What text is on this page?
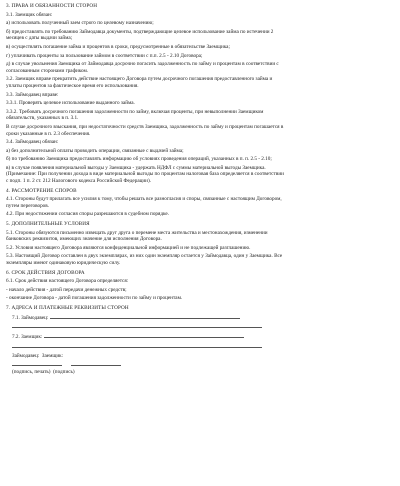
3. ПРАВА И ОБЯЗАННОСТИ СТОРОН
3.1. Заемщик обязан:
а) использовать полученный заем строго по целевому назначению;
б) предоставлять по требованию Займодавца документы, подтверждающие целевое использование займа по истечении 2
месяцев с даты выдачи займа;
в) осуществлять погашение займа и процентов в сроки, предусмотренные в обязательстве Заемщика;
г) уплачивать проценты за пользование займом в соответствии с п.п. 2.5 - 2.10 Договора;
д) в случае увольнения Заемщика от Займодавца досрочно погасить задолженность по займу и процентам в соответствии с
согласованным сторонами графиком.
3.2. Заемщик вправе прекратить действие настоящего Договора путем досрочного погашения предоставленного займа и
уплаты процентов за фактическое время его использования.
3.3. Займодавец вправе:
3.3.1. Проверять целевое использование выданного займа.
3.3.2. Требовать досрочного погашения задолженности по займу, включая проценты, при невыполнении Заемщиком
обязательств, указанных в п. 3.1.
В случае досрочного взыскания, при недостаточности средств Заемщика, задолженность по займу и процентам погашается в
сроки указанные в п. 2.3 обеспечения.
3.4. Займодавец обязан:
а) без дополнительной оплаты проводить операции, связанные с выдачей займа;
б) по требованию Заемщика предоставлять информацию об условиях проведения операций, указанных в п. п. 2.5 - 2.10;
в) в случае появления материальной выгоды у Заемщика - удержать НДФЛ с суммы материальной выгоды Заемщика.
(Примечание: При получении дохода в виде материальной выгоды по процентам налоговая база определяется в соответствии
с подп. 1 п. 2 ст. 212 Налогового кодекса Российской Федерации).
4. РАССМОТРЕНИЕ СПОРОВ
4.1. Стороны будут прилагать все усилия к тому, чтобы решать все разногласия и споры, связанные с настоящим Договором,
путем переговоров.
4.2. При недостижении согласия споры разрешаются в судебном порядке.
5. ДОПОЛНИТЕЛЬНЫЕ УСЛОВИЯ
5.1. Стороны обязуются письменно извещать друг друга о перемене места жительства и местонахождения, изменении
банковских реквизитов, имеющих значение для исполнения Договора.
5.2. Условия настоящего Договора являются конфиденциальной информацией и не подлежащей разглашению.
5.3. Настоящий Договор составлен в двух экземплярах, из них один экземпляр остается у Займодавца, один у Заемщика. Все
экземпляры имеют одинаковую юридическую силу.
6. СРОК ДЕЙСТВИЯ ДОГОВОРА
6.1. Срок действия настоящего Договора определяется:
- начало действия - датой передачи денежных средств;
- окончание Договора - датой погашения задолженности по займу и процентам.
7. АДРЕСА И ПЛАТЕЖНЫЕ РЕКВИЗИТЫ СТОРОН
7.1. Займодавец:
7.2. Заемщик:
Займодавец:  Заемщик:

(подпись, печать)  (подпись)
